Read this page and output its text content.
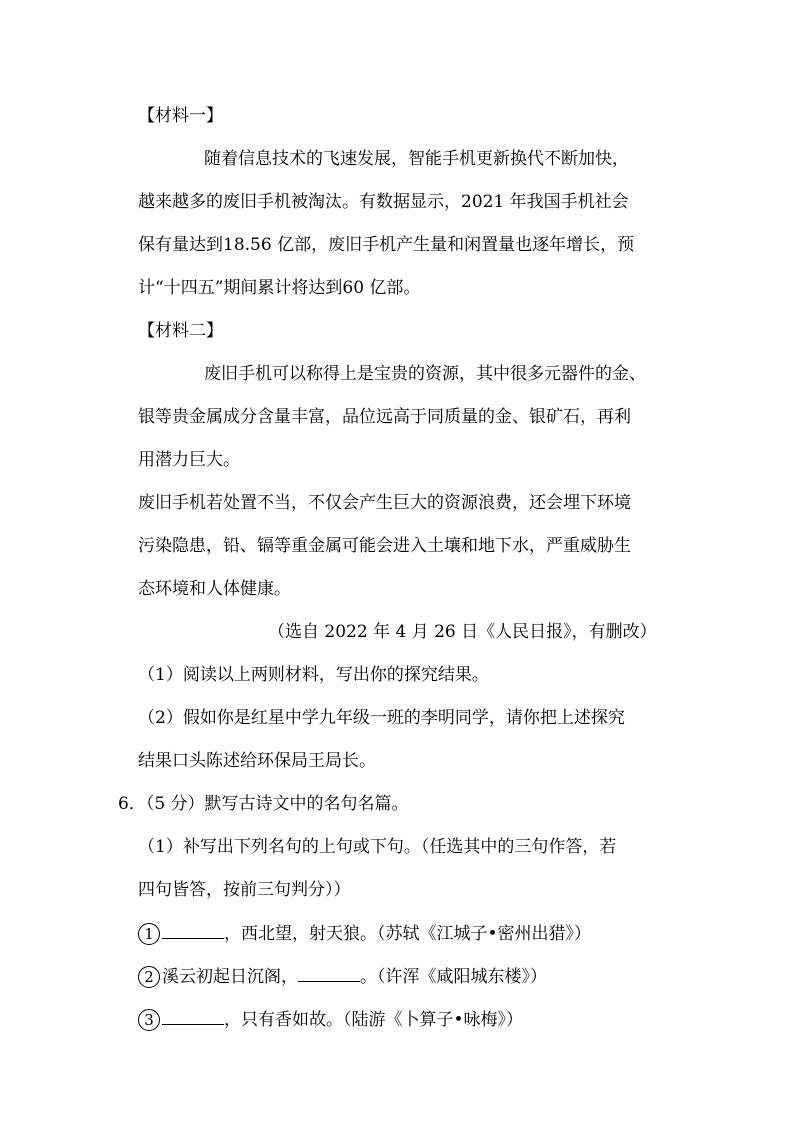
【材料一】
随着信息技术的飞速发展，智能手机更新换代不断加快，
越来越多的废旧手机被淘汰。有数据显示，2021 年我国手机社会
保有量达到18.56 亿部，废旧手机产生量和闲置量也逐年增长，预
计“十四五”期间累计将达到60 亿部。
【材料二】
废旧手机可以称得上是宝贵的资源，其中很多元器件的金、
银等贵金属成分含量丰富，品位远高于同质量的金、银矿石，再利
用潜力巨大。
废旧手机若处置不当，不仅会产生巨大的资源浪费，还会埋下环境
污染隐患，铅、镉等重金属可能会进入土壤和地下水，严重威胁生
态环境和人体健康。
（选自 2022 年 4 月 26 日《人民日报》，有删改）
（1）阅读以上两则材料，写出你的探究结果。
（2）假如你是红星中学九年级一班的李明同学，请你把上述探究
结果口头陈述给环保局王局长。
6．（5 分）默写古诗文中的名句名篇。
（1）补写出下列名句的上句或下句。（任选其中的三句作答，若
四句皆答，按前三句判分））
1	，西北望，射天狼。（苏轼《江城子•密州出猎》）
2 溪云初起日沉阁，	。（许浑《咸阳城东楼》）
3	，只有香如故。（陆游《卜算子•咏梅》）
